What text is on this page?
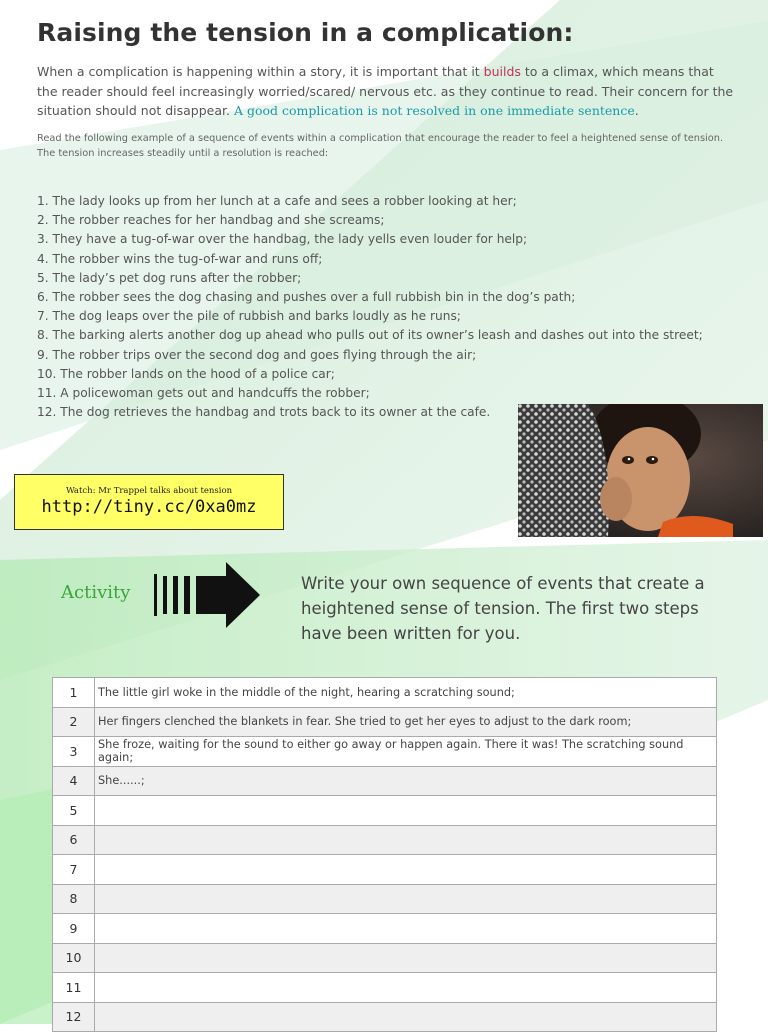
Raising the tension in a complication:
When a complication is happening within a story, it is important that it builds to a climax, which means that the reader should feel increasingly worried/scared/ nervous etc. as they continue to read. Their concern for the situation should not disappear. A good complication is not resolved in one immediate sentence.
Read the following example of a sequence of events within a complication that encourage the reader to feel a heightened sense of tension.
The tension increases steadily until a resolution is reached:
1. The lady looks up from her lunch at a cafe and sees a robber looking at her;
2. The robber reaches for her handbag and she screams;
3. They have a tug-of-war over the handbag, the lady yells even louder for help;
4. The robber wins the tug-of-war and runs off;
5. The lady’s pet dog runs after the robber;
6. The robber sees the dog chasing and pushes over a full rubbish bin in the dog’s path;
7. The dog leaps over the pile of rubbish and barks loudly as he runs;
8. The barking alerts another dog up ahead who pulls out of its owner’s leash and dashes out into the street;
9. The robber trips over the second dog and goes flying through the air;
10. The robber lands on the hood of a police car;
11. A policewoman gets out and handcuffs the robber;
12. The dog retrieves the handbag and trots back to its owner at the cafe.
Watch: Mr Trappel talks about tension
http://tiny.cc/0xa0mz
Activity	Write your own sequence of events that create a heightened sense of tension. The first two steps have been written for you.
1	The little girl woke in the middle of the night, hearing a scratching sound;
2	Her fingers clenched the blankets in fear. She tried to get her eyes to adjust to the dark room;
3	She froze, waiting for the sound to either go away or happen again. There it was! The scratching sound again;
4	She......;
5	
6	
7	
8	
9	
10	
11	
12	
